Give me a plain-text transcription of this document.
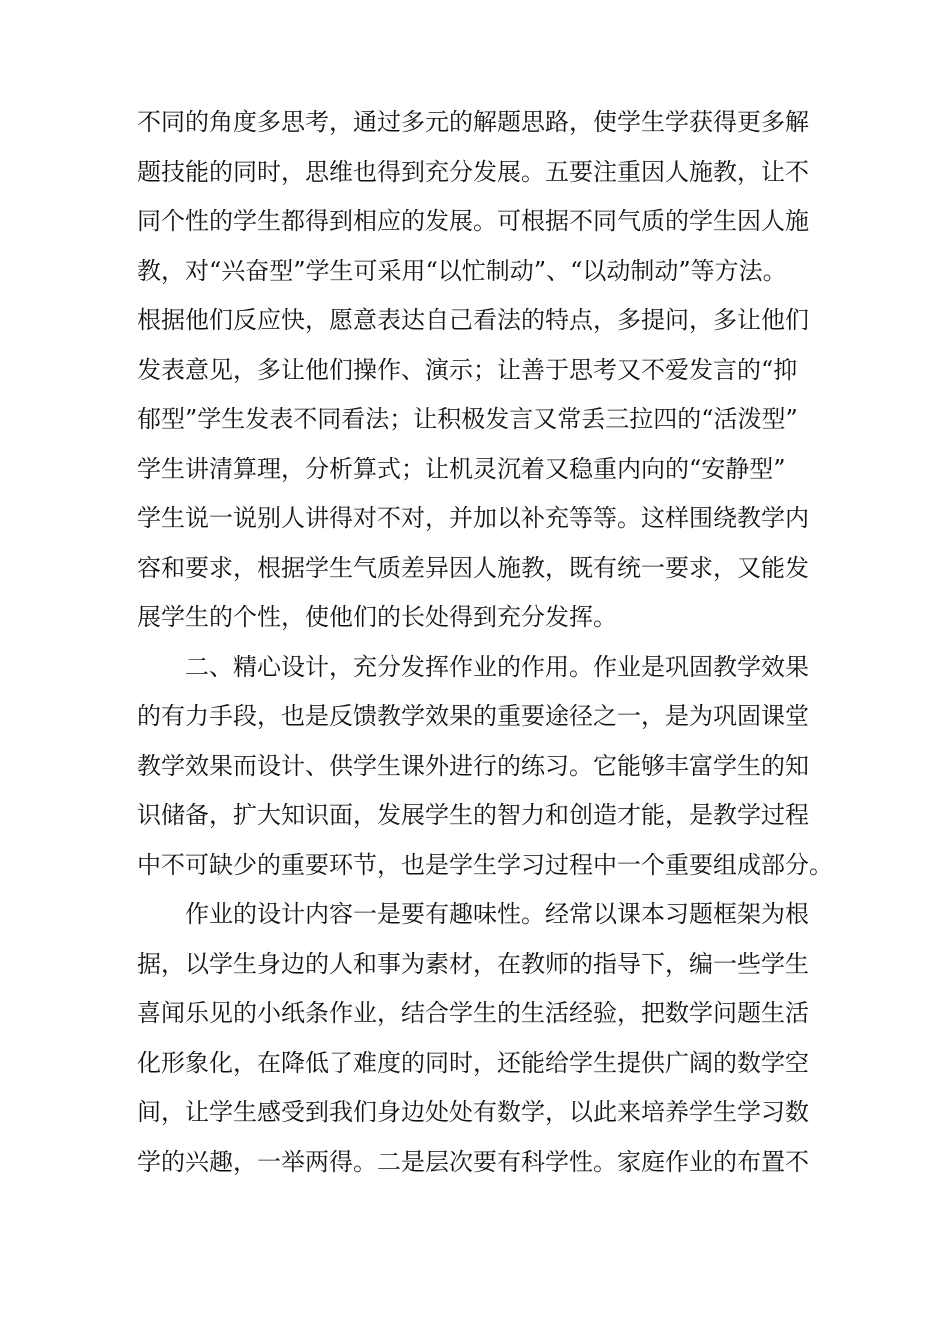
不同的角度多思考，通过多元的解题思路，使学生学获得更多解
题技能的同时，思维也得到充分发展。五要注重因人施教，让不
同个性的学生都得到相应的发展。可根据不同气质的学生因人施
教，对“兴奋型”学生可采用“以忙制动”、“以动制动”等方法。
根据他们反应快，愿意表达自己看法的特点，多提问，多让他们
发表意见，多让他们操作、演示；让善于思考又不爱发言的“抑
郁型”学生发表不同看法；让积极发言又常丢三拉四的“活泼型”
学生讲清算理，分析算式；让机灵沉着又稳重内向的“安静型”
学生说一说别人讲得对不对，并加以补充等等。这样围绕教学内
容和要求，根据学生气质差异因人施教，既有统一要求，又能发
展学生的个性，使他们的长处得到充分发挥。
　　二、精心设计，充分发挥作业的作用。作业是巩固教学效果
的有力手段，也是反馈教学效果的重要途径之一，是为巩固课堂
教学效果而设计、供学生课外进行的练习。它能够丰富学生的知
识储备，扩大知识面，发展学生的智力和创造才能，是教学过程
中不可缺少的重要环节，也是学生学习过程中一个重要组成部分。
　　作业的设计内容一是要有趣味性。经常以课本习题框架为根
据，以学生身边的人和事为素材，在教师的指导下，编一些学生
喜闻乐见的小纸条作业，结合学生的生活经验，把数学问题生活
化形象化，在降低了难度的同时，还能给学生提供广阔的数学空
间，让学生感受到我们身边处处有数学，以此来培养学生学习数
学的兴趣，一举两得。二是层次要有科学性。家庭作业的布置不
